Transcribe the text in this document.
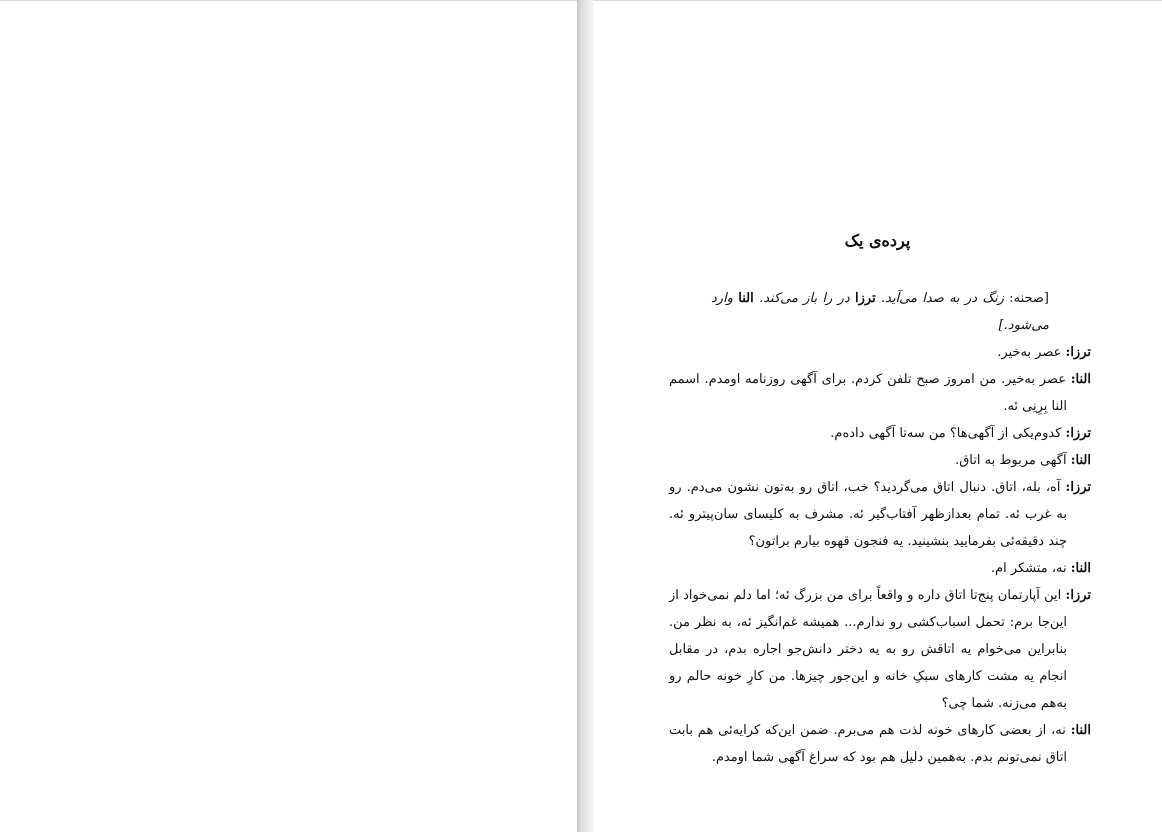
پرده‌ی یک

[صحنه: زنگ در به صدا می‌آید. ترزا در را باز می‌کند. النا وارد می‌شود.]

ترزا: عصر به‌خیر.

النا: عصر به‌خیر. من امروز صبح تلفن کردم. برای آگهی روزنامه اومدم. اسمم النا بِرِنِی ئه.

ترزا: کدوم‌یکی از آگهی‌ها؟ من سه‌تا آگهی دادەم.

النا: آگهی مربوط به اتاق.

ترزا: آه، بله، اتاق. دنبال اتاق می‌گردید؟ خب، اتاق رو به‌تون نشون می‌دم. رو به غرب ئه. تمام بعدازظهر آفتاب‌گیر ئه. مشرف به کلیسای سان‌پیترو ئه. چند دقیقه‌ئی بفرمایید بنشینید. یه فنجون قهوه بیارم براتون؟

النا: نه، متشکر ام.

ترزا: این آپارتمان پنج‌تا اتاق داره و واقعاً برای من بزرگ ئه؛ اما دلم نمی‌خواد از این‌جا برم: تحمل اسباب‌کشی رو ندارم... همیشه غم‌انگیز ئه، به نظر من. بنابراین می‌خوام یه اتاقش رو به یه دختر دانش‌جو اجاره بدم، در مقابل انجام یه مشت کارهای سبکِ خانه و این‌جور چیزها. من کارِ خونه حالم رو به‌هم می‌زنه. شما چی؟

النا: نه، از بعضی کارهای خونه لذت هم می‌برم. ضمن این‌که کرایه‌ئی هم بابت اتاق نمی‌تونم بدم. به‌همین دلیل هم بود که سراغ آگهی شما اومدم.
